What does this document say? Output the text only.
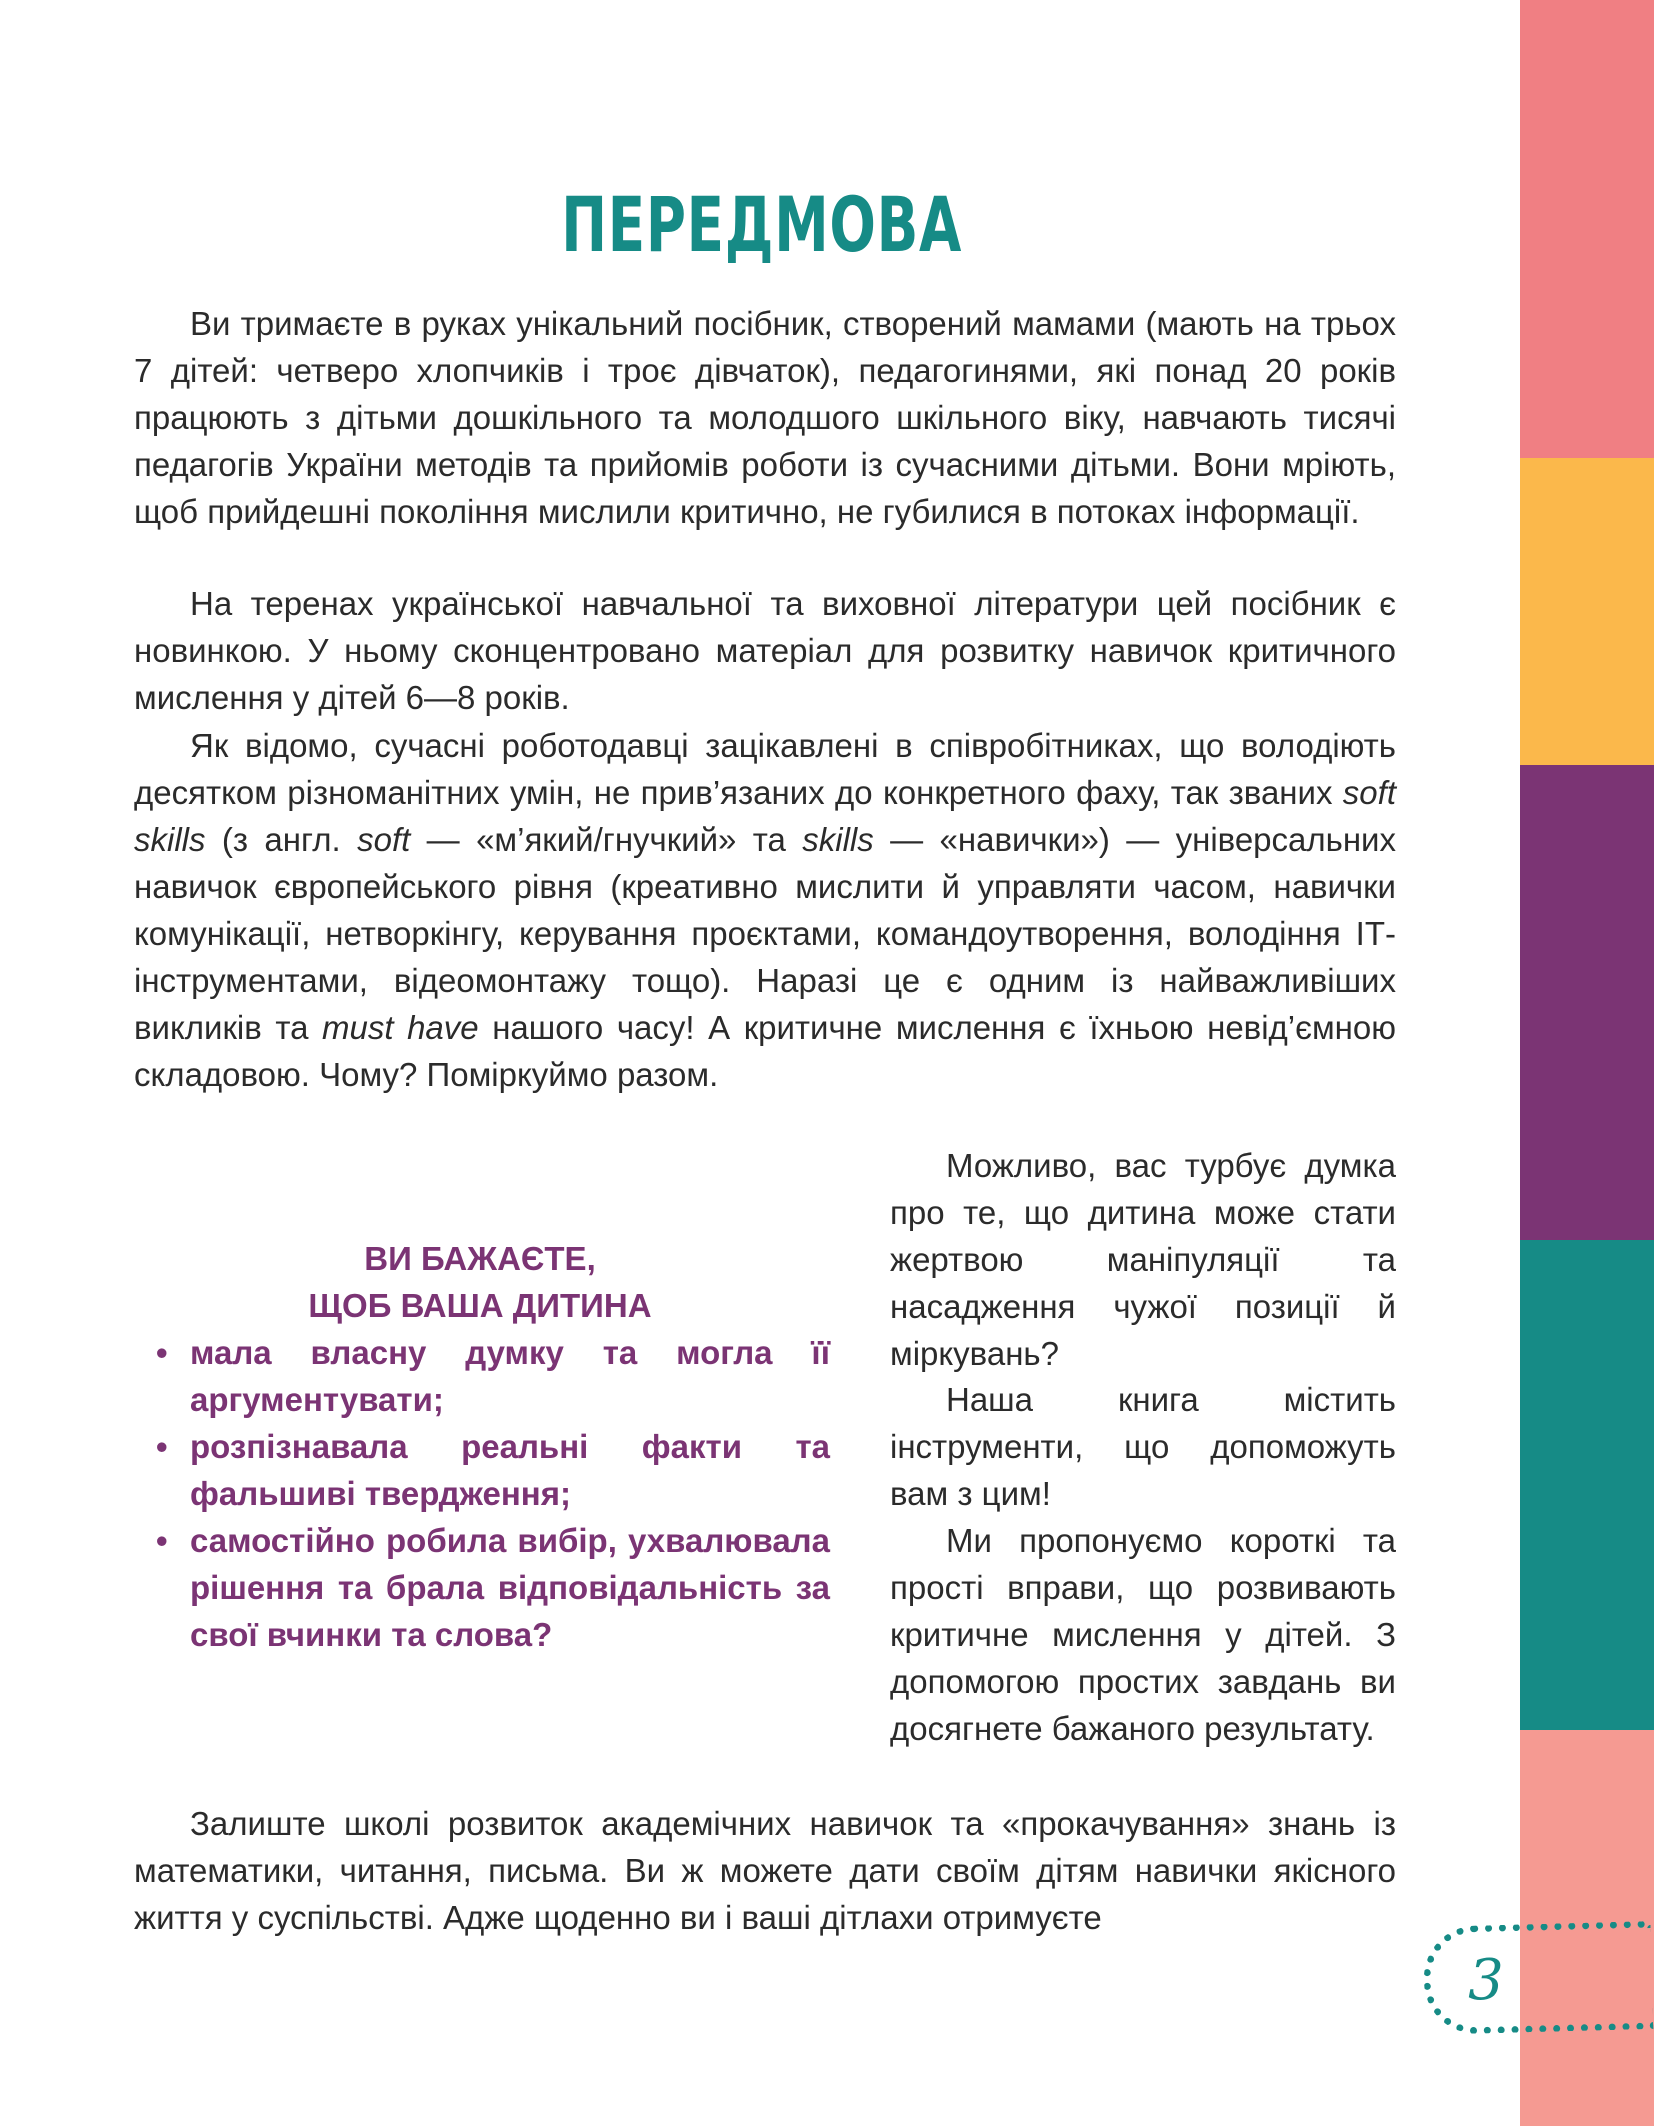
ПЕРЕДМОВА

Ви тримаєте в руках унікальний посібник, створений мамами (мають на трьох 7 дітей: четверо хлопчиків і троє дівчаток), педагогинями, які понад 20 років працюють з дітьми дошкільного та молодшого шкільного віку, навчають тисячі педагогів України методів та прийомів роботи із сучасними дітьми. Вони мріють, щоб прийдешні покоління мислили критично, не губилися в потоках інформації.

На теренах української навчальної та виховної літератури цей посібник є новинкою. У ньому сконцентровано матеріал для розвитку навичок критичного мислення у дітей 6—8 років.

Як відомо, сучасні роботодавці зацікавлені в співробітниках, що володіють десятком різноманітних умін, не прив’язаних до конкретного фаху, так званих soft skills (з англ. soft — «м’який/гнучкий» та skills — «навички») — універсальних навичок європейського рівня (креативно мислити й управляти часом, навички комунікації, нетворкінгу, керування проєктами, командоутворення, володіння ІТ-інструментами, відеомонтажу тощо). Наразі це є одним із найважливіших викликів та must have нашого часу! А критичне мислення є їхньою невід’ємною складовою. Чому? Поміркуймо разом.

ВИ БАЖАЄТЕ,
ЩОБ ВАША ДИТИНА
• мала власну думку та могла її аргументувати;
• розпізнавала реальні факти та фальшиві твердження;
• самостійно робила вибір, ухвалювала рішення та брала відповідальність за свої вчинки та слова?

Можливо, вас турбує думка про те, що дитина може стати жертвою маніпуляції та насадження чужої позиції й міркувань?

Наша книга містить інструменти, що допоможуть вам з цим!

Ми пропонуємо короткі та прості вправи, що розвивають критичне мислення у дітей. З допомогою простих завдань ви досягнете бажаного результату.

Залиште школі розвиток академічних навичок та «прокачування» знань із математики, читання, письма. Ви ж можете дати своїм дітям навички якісного життя у суспільстві. Адже щоденно ви і ваші дітлахи отримуєте

3
